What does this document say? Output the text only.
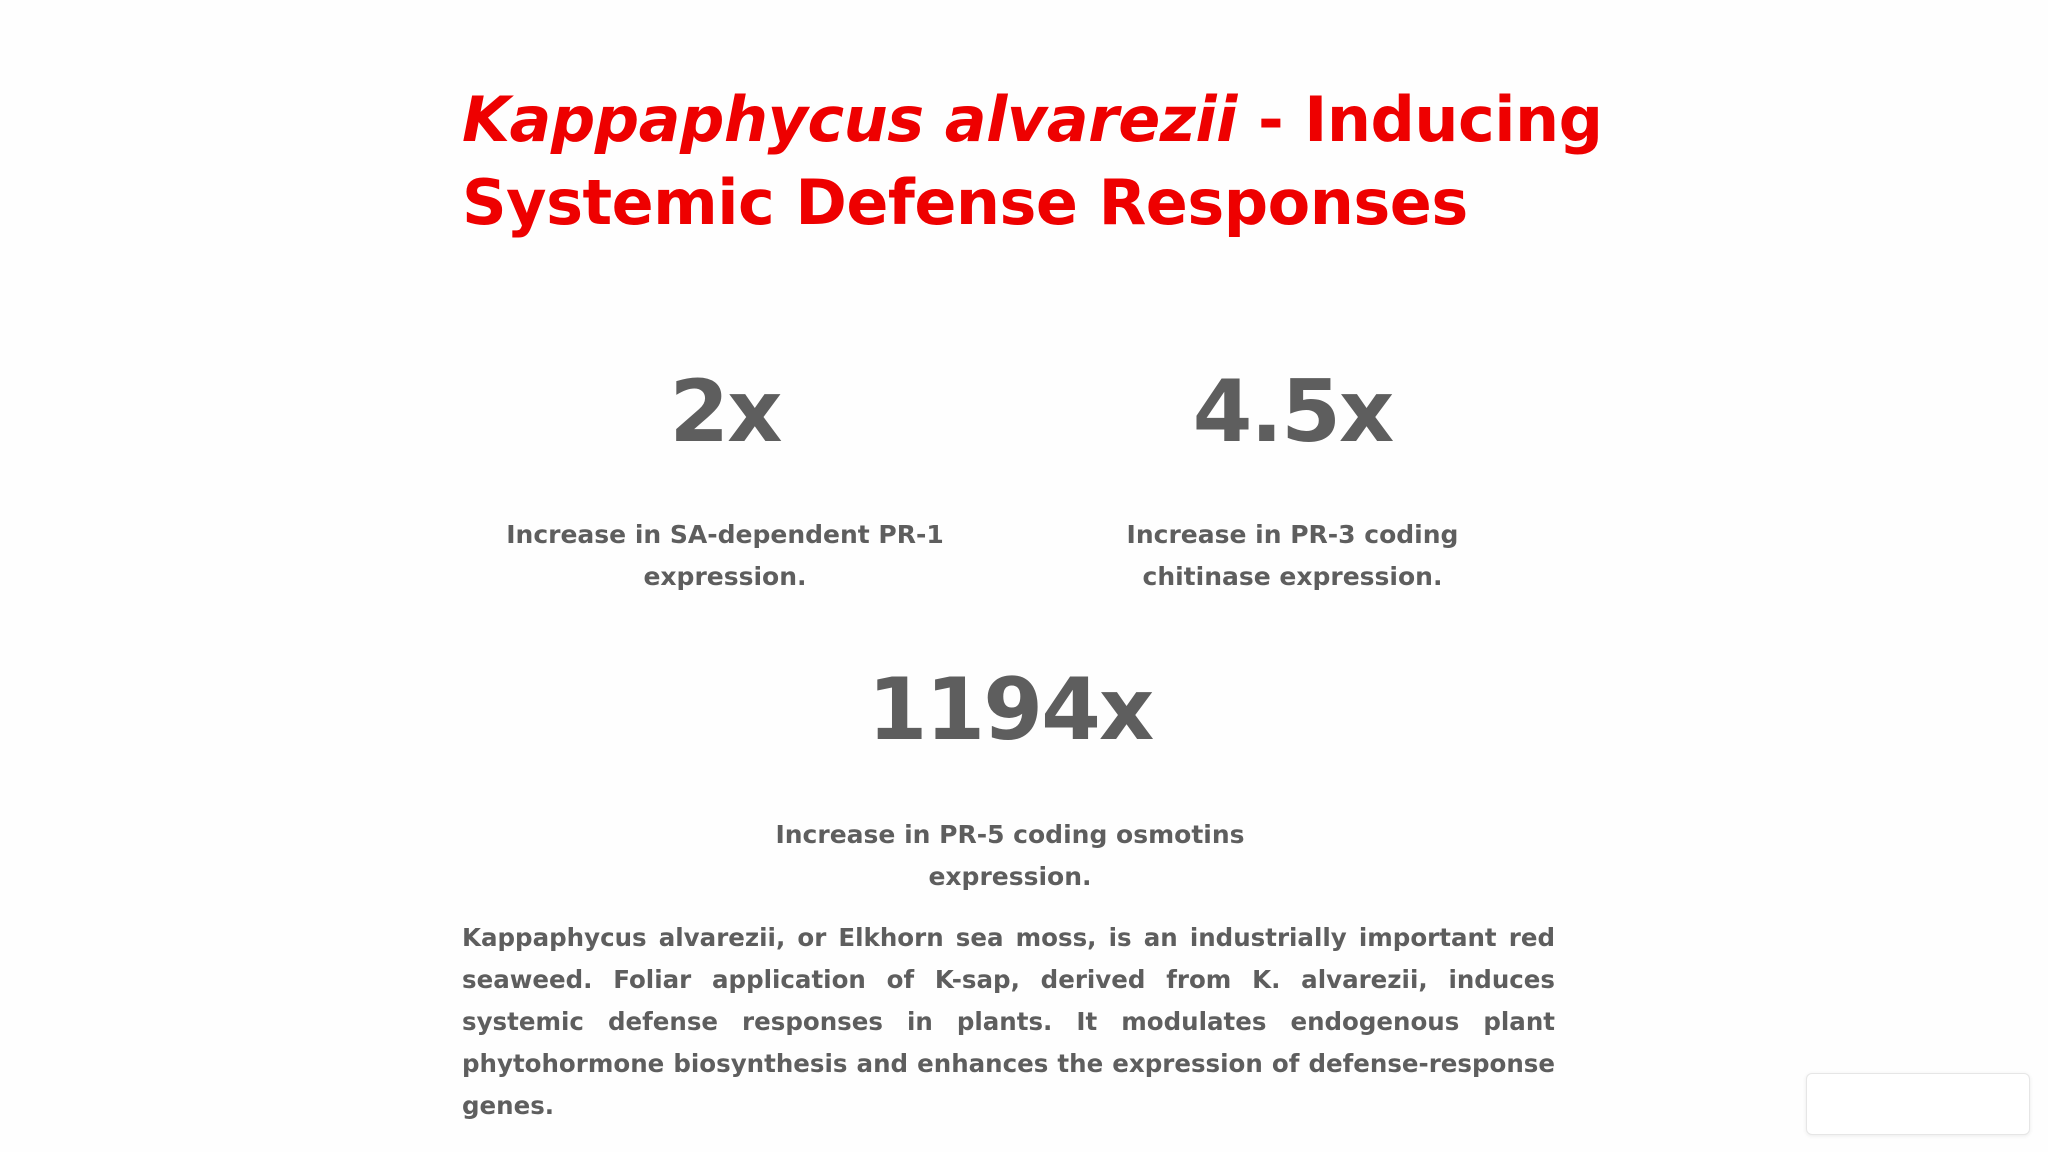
Kappaphycus alvarezii - Inducing Systemic Defense Responses
2x
Increase in SA-dependent PR-1 expression.
4.5x
Increase in PR-3 coding chitinase expression.
1194x
Increase in PR-5 coding osmotins expression.

Kappaphycus alvarezii, or Elkhorn sea moss, is an industrially important red seaweed. Foliar application of K-sap, derived from K. alvarezii, induces systemic defense responses in plants. It modulates endogenous plant phytohormone biosynthesis and enhances the expression of defense-response genes.
